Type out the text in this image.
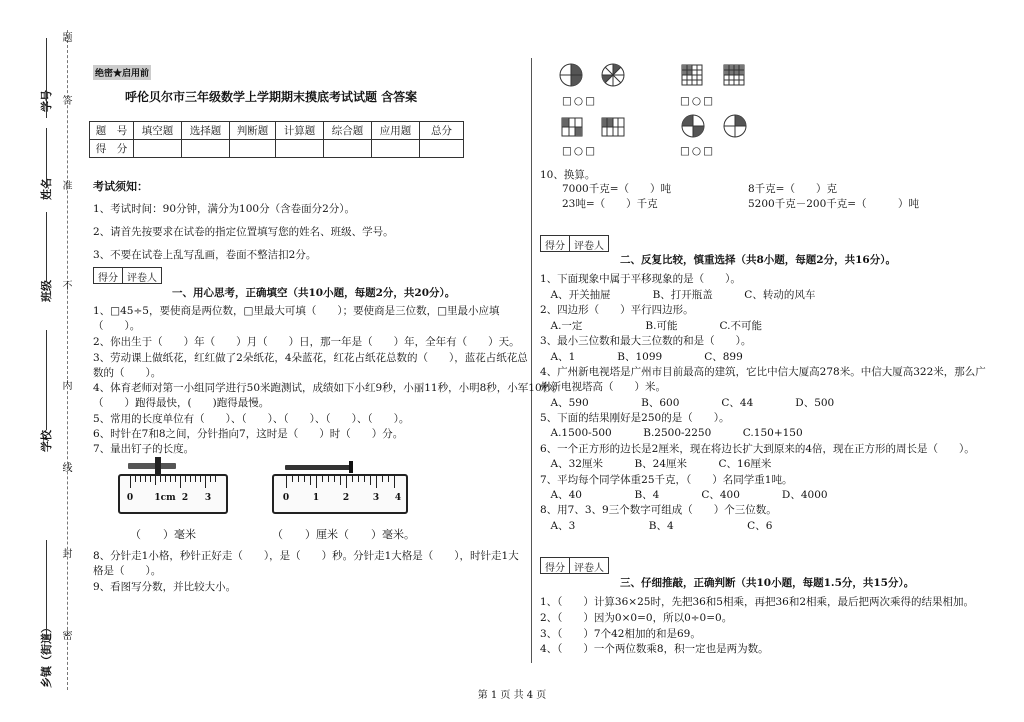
题
学号 答
姓名 准
班级 不
内
学校
线
封
乡镇（街道） 密
绝密★启用前
呼伦贝尔市三年级数学上学期期末摸底考试试题 含答案
题　号	填空题	选择题	判断题	计算题	综合题	应用题	总分
得　分							
考试须知：
1、考试时间：90分钟，满分为100分（含卷面分2分）。
2、请首先按要求在试卷的指定位置填写您的姓名、班级、学号。
3、不要在试卷上乱写乱画，卷面不整洁扣2分。
得分 评卷人
一、用心思考，正确填空（共10小题，每题2分，共20分）。
1、□45÷5，要使商是两位数，□里最大可填（　　）；要使商是三位数，□里最小应填
（　　）。
2、你出生于（　　）年（　　）月（　　）日，那一年是（　　）年，全年有（　　）天。
3、劳动课上做纸花，红红做了2朵纸花，4朵蓝花，红花占纸花总数的（　　），蓝花占纸花总
数的（　　）。
4、体育老师对第一小组同学进行50米跑测试，成绩如下小红9秒，小丽11秒，小明8秒，小军10秒。
（　　）跑得最快，(　　)跑得最慢。
5、常用的长度单位有（　　）、（　　）、（　　）、（　　）、（　　）。
6、时针在7和8之间，分针指向7，这时是（　　）时（　　）分。
7、量出钉子的长度。
0 1cm 2 3
（　　）毫米
0	1	2	3 4
（　　）厘米（　　）毫米。
8、分针走1小格，秒针正好走（　　），是（　　）秒。分针走1大格是（　　），时针走1大
格是（　　）。
9、看图写分数，并比较大小。
□○□	□○□
□○□	□○□
10、换算。
7000千克=（　　）吨	8千克=（　　）克
23吨=（　　）千克	5200千克－200千克=（　　　）吨
得分 评卷人
二、反复比较，慎重选择（共8小题，每题2分，共16分）。
1、下面现象中属于平移现象的是（　　）。
　A、开关抽屉　　　　B、打开瓶盖　　　C、转动的风车
2、四边形（　　）平行四边形。
　A.一定　　　　　　B.可能　　　　C.不可能
3、最小三位数和最大三位数的和是（　　）。
　A、1　　　　B、1099　　　　C、899
4、广州新电视塔是广州市目前最高的建筑，它比中信大厦高278米。中信大厦高322米，那么广
州新电视塔高（　　）米。
　A、590　　　　　B、600　　　　C、44　　　　D、500
5、下面的结果刚好是250的是（　　）。
　A.1500-500　　　B.2500-2250　　　C.150+150
6、一个正方形的边长是2厘米，现在将边长扩大到原来的4倍，现在正方形的周长是（　　）。
　A、32厘米　　　B、24厘米　　　C、16厘米
7、平均每个同学体重25千克，（　　）名同学重1吨。
　A、40　　　　　B、4　　　　C、400　　　　D、4000
8、用7、3、9三个数字可组成（　　）个三位数。
　A、3　　　　　　　B、4　　　　　　　C、6
得分 评卷人
三、仔细推敲，正确判断（共10小题，每题1.5分，共15分）。
1、（　　）计算36×25时，先把36和5相乘，再把36和2相乘，最后把两次乘得的结果相加。
2、（　　）因为0×0=0，所以0÷0=0。
3、（　　）7个42相加的和是69。
4、（　　）一个两位数乘8，积一定也是两为数。
第 1 页 共 4 页
